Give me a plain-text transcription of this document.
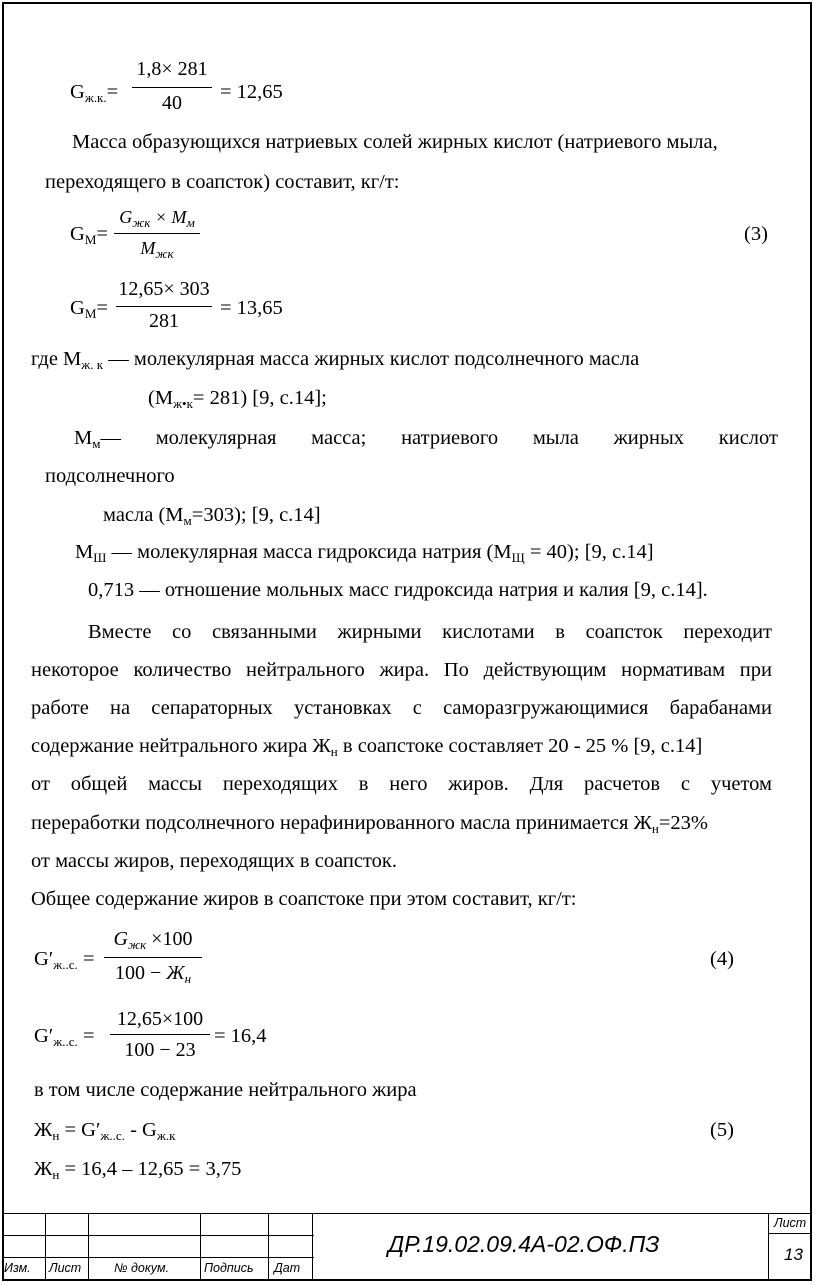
$G_{ж.к.}=$
1,8× 281
40	= 12,65
Масса образующихся натриевых солей жирных кислот (натриевого мыла,
переходящего в соапсток) составит, кг/т:
$G_М=$
$G_{жк} \times M_м$
$M_{жк}$
(3)
$G_М=$
12,65× 303
281
= 13,65
где $М_{ж. к}$ — молекулярная масса жирных кислот подсолнечного масла
$(М_{ж•к}= 281)$ [9, с.14];
$М_м—$ молекулярная масса; натриевого мыла жирных кислот
подсолнечного
масла $(М_м=303)$; [9, с.14]
$М_Ш$ — молекулярная масса гидроксида натрия $(М_Щ = 40)$; [9, с.14]
0,713 — отношение мольных масс гидроксида натрия и калия [9, с.14].
Вместе со связанными жирными кислотами в соапсток переходит
некоторое количество нейтрального жира. По действующим нормативам при
работе на сепараторных установках с саморазгружающимися барабанами
содержание нейтрального жира $Ж_н$ в соапстоке составляет 20 - 25 % [9, с.14]
от общей массы переходящих в него жиров. Для расчетов с учетом
переработки подсолнечного нерафинированного масла принимается $Ж_н=23\%$
от массы жиров, переходящих в соапсток.
Общее содержание жиров в соапстоке при этом составит, кг/т:
$G'_{ж..с.}$ =
$G_{жк} \times 100$
$100 - Ж_н$
(4)
$G'_{ж..с.}$ =
12,65×100
100 − 23
= 16,4
в том числе содержание нейтрального жира
$Ж_н = G'_{ж..с.} - G_{ж.к}$	(5)
$Ж_н = 16,4 - 12,65 = 3,75$
Изм. Лист	№ докум.	Подпись Дат
ДР.19.02.09.4А-02.ОФ.ПЗ
Лист
13
